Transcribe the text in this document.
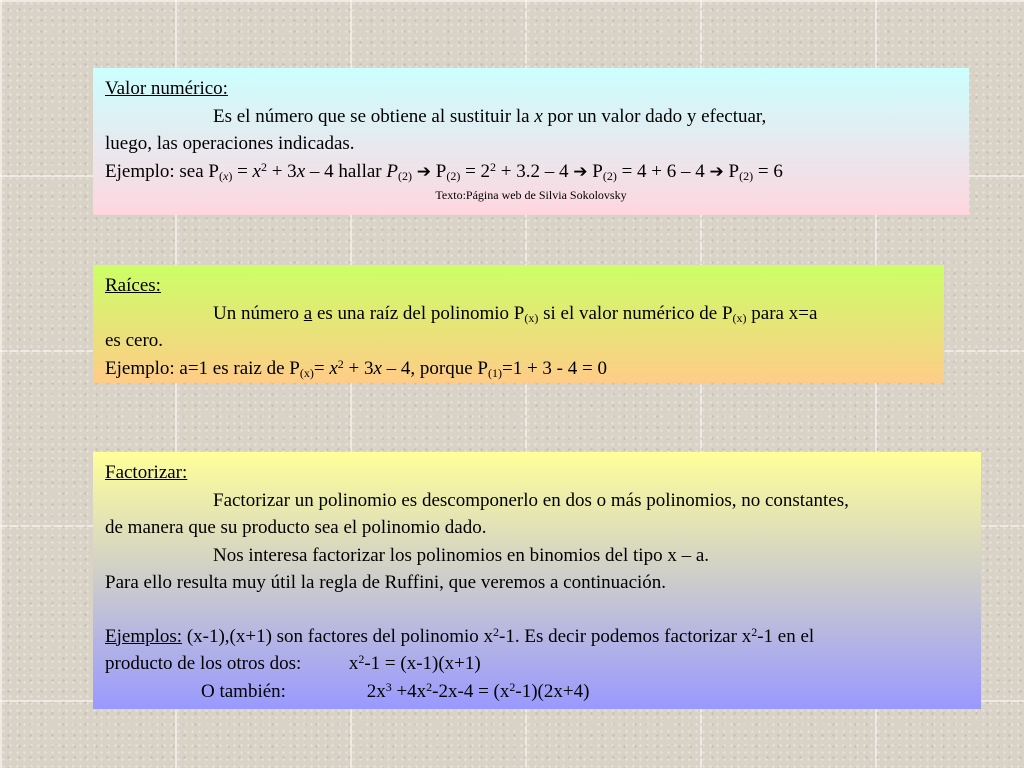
Valor numérico:

Es el número que se obtiene al sustituir la x por un valor dado y efectuar,

luego, las operaciones indicadas.

Ejemplo: sea $P_{(x)} = x^2 + 3x - 4$ hallar $P_{(2)}$ ➔ $P_{(2)} = 2^2 + 3.2 - 4$ ➔ $P_{(2)} = 4 + 6 - 4$ ➔ $P_{(2)} = 6$

Texto:Página web de Silvia Sokolovsky

Raíces:

Un número a es una raíz del polinomio $P_{(x)}$ si el valor numérico de $P_{(x)}$ para x=a

es cero.

Ejemplo: a=1 es raiz de $P_{(x)}= x^2 + 3x - 4$, porque $P_{(1)}=1 + 3 - 4 = 0$

Factorizar:

Factorizar un polinomio es descomponerlo en dos o más polinomios, no constantes,

de manera que su producto sea el polinomio dado.

Nos interesa factorizar los polinomios en binomios del tipo x – a.

Para ello resulta muy útil la regla de Ruffini, que veremos a continuación.

Ejemplos: (x-1),(x+1) son factores del polinomio $x^2-1$. Es decir podemos factorizar $x^2-1$ en el

producto de los otros dos:          $x^2-1 = (x-1)(x+1)$

O también:                 $2x^3 +4x^2-2x-4 = (x^2-1)(2x+4)$
